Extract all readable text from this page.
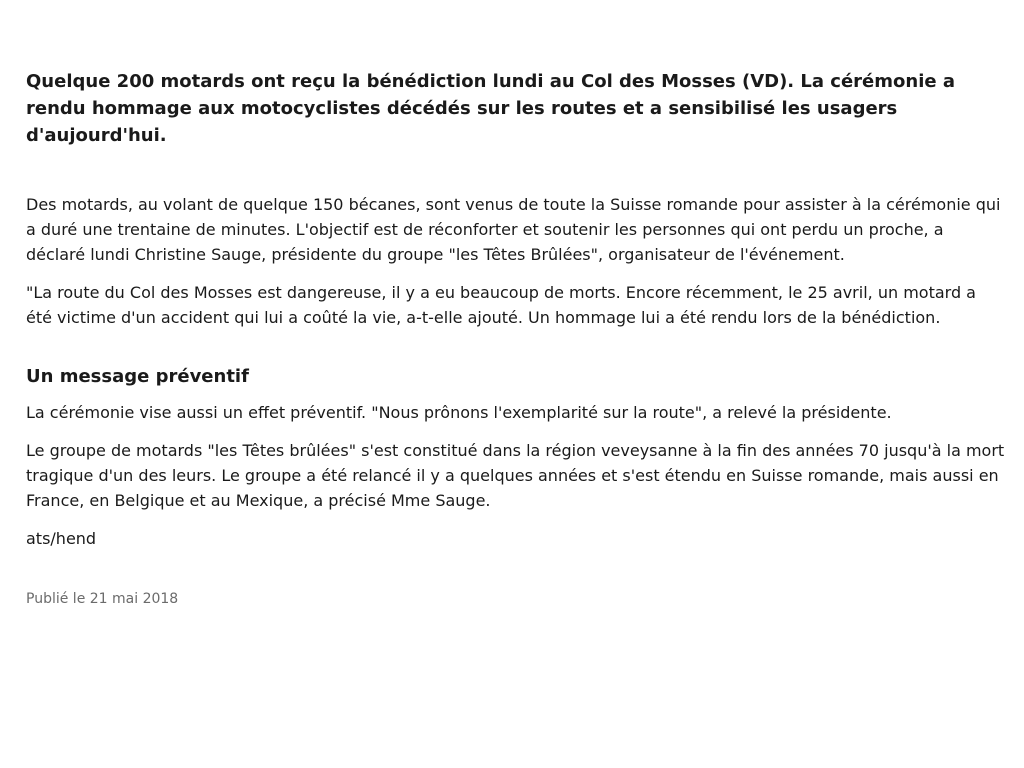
Quelque 200 motards ont reçu la bénédiction lundi au Col des Mosses (VD). La cérémonie a rendu hommage aux motocyclistes décédés sur les routes et a sensibilisé les usagers d'aujourd'hui.

Des motards, au volant de quelque 150 bécanes, sont venus de toute la Suisse romande pour assister à la cérémonie qui a duré une trentaine de minutes. L'objectif est de réconforter et soutenir les personnes qui ont perdu un proche, a déclaré lundi Christine Sauge, présidente du groupe "les Têtes Brûlées", organisateur de l'événement.

"La route du Col des Mosses est dangereuse, il y a eu beaucoup de morts. Encore récemment, le 25 avril, un motard a été victime d'un accident qui lui a coûté la vie, a-t-elle ajouté. Un hommage lui a été rendu lors de la bénédiction.

Un message préventif

La cérémonie vise aussi un effet préventif. "Nous prônons l'exemplarité sur la route", a relevé la présidente.

Le groupe de motards "les Têtes brûlées" s'est constitué dans la région veveysanne à la fin des années 70 jusqu'à la mort tragique d'un des leurs. Le groupe a été relancé il y a quelques années et s'est étendu en Suisse romande, mais aussi en France, en Belgique et au Mexique, a précisé Mme Sauge.

ats/hend

Publié le 21 mai 2018
